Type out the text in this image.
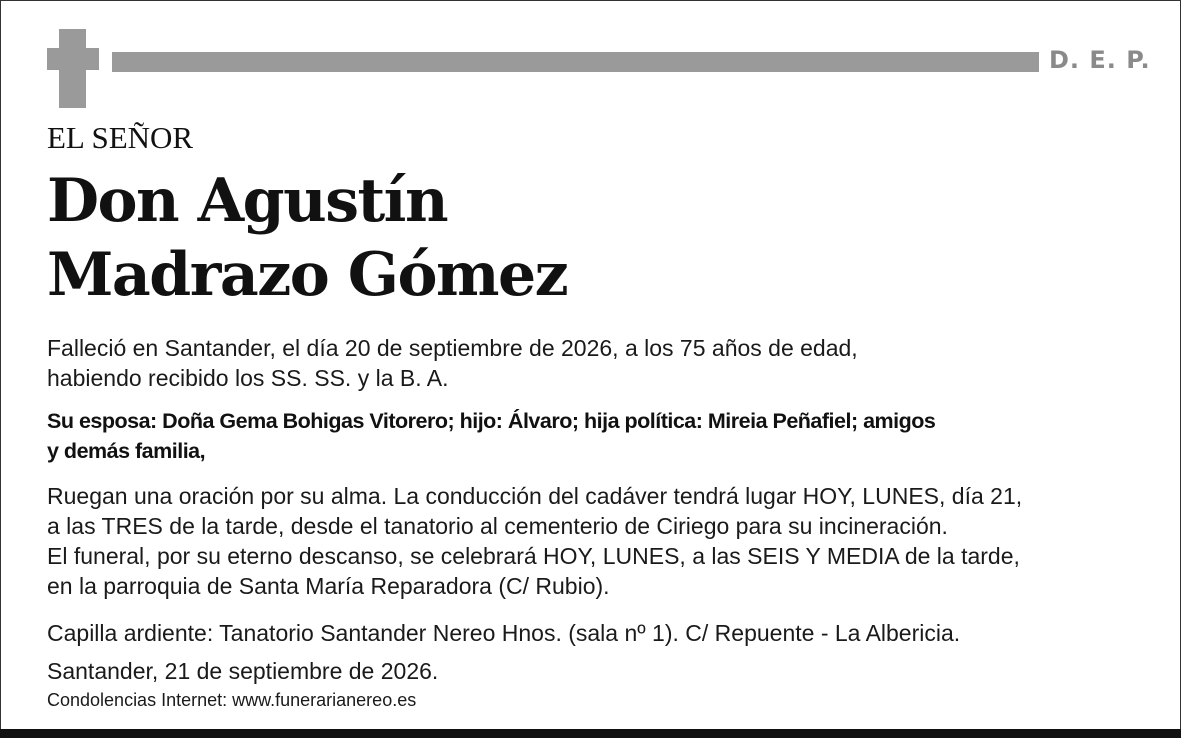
D. E. P.
EL SEÑOR
Don Agustín
Madrazo Gómez

Falleció en Santander, el día 20 de septiembre de 2026, a los 75 años de edad,
habiendo recibido los SS. SS. y la B. A.

Su esposa: Doña Gema Bohigas Vitorero; hijo: Álvaro; hija política: Mireia Peñafiel; amigos
y demás familia,

Ruegan una oración por su alma. La conducción del cadáver tendrá lugar HOY, LUNES, día 21,
a las TRES de la tarde, desde el tanatorio al cementerio de Ciriego para su incineración.
El funeral, por su eterno descanso, se celebrará HOY, LUNES, a las SEIS Y MEDIA de la tarde,
en la parroquia de Santa María Reparadora (C/ Rubio).

Capilla ardiente: Tanatorio Santander Nereo Hnos. (sala nº 1). C/ Repuente - La Albericia.

Santander, 21 de septiembre de 2026.

Condolencias Internet: www.funerarianereo.es
